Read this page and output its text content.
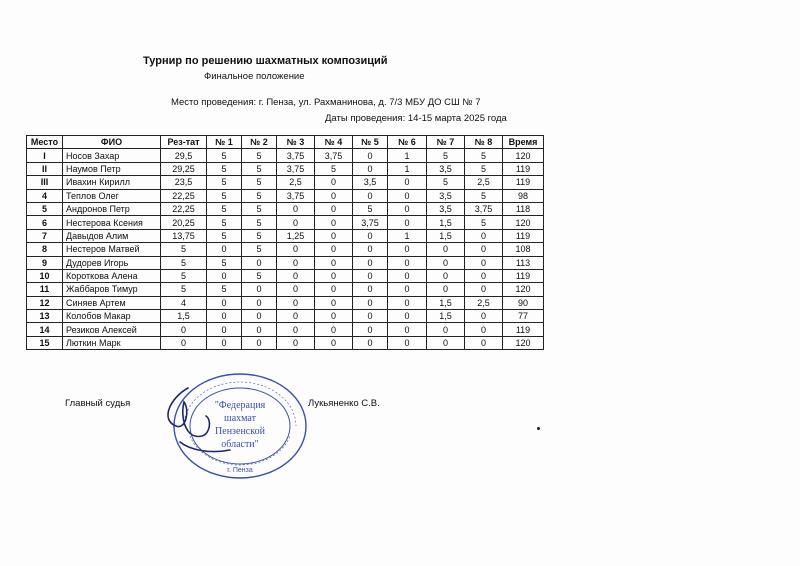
Турнир по решению шахматных композиций
Финальное положение
Место проведения: г. Пенза, ул. Рахманинова, д. 7/3 МБУ ДО СШ № 7
Даты проведения: 14-15 марта 2025 года
Место	ФИО	Рез-тат	№ 1	№ 2	№ 3	№ 4	№ 5	№ 6	№ 7	№ 8	Время
I	Носов Захар	29,5	5	5	3,75	3,75	0	1	5	5	120
II	Наумов Петр	29,25	5	5	3,75	5	0	1	3,5	5	119
III	Ивахин Кирилл	23,5	5	5	2,5	0	3,5	0	5	2,5	119
4	Теплов Олег	22,25	5	5	3,75	0	0	0	3,5	5	98
5	Андронов Петр	22,25	5	5	0	0	5	0	3,5	3,75	118
6	Нестерова Ксения	20,25	5	5	0	0	3,75	0	1,5	5	120
7	Давыдов Алим	13,75	5	5	1,25	0	0	1	1,5	0	119
8	Нестеров Матвей	5	0	5	0	0	0	0	0	0	108
9	Дудорев Игорь	5	5	0	0	0	0	0	0	0	113
10	Короткова Алена	5	0	5	0	0	0	0	0	0	119
11	Жаббаров Тимур	5	5	0	0	0	0	0	0	0	120
12	Синяев Артем	4	0	0	0	0	0	0	1,5	2,5	90
13	Колобов Макар	1,5	0	0	0	0	0	0	1,5	0	77
14	Резиков Алексей	0	0	0	0	0	0	0	0	0	119
15	Люткин Марк	0	0	0	0	0	0	0	0	0	120
"Федерация
шахмат
Пензенской
области"
г. Пенза
Главный судья	Лукьяненко С.В.
